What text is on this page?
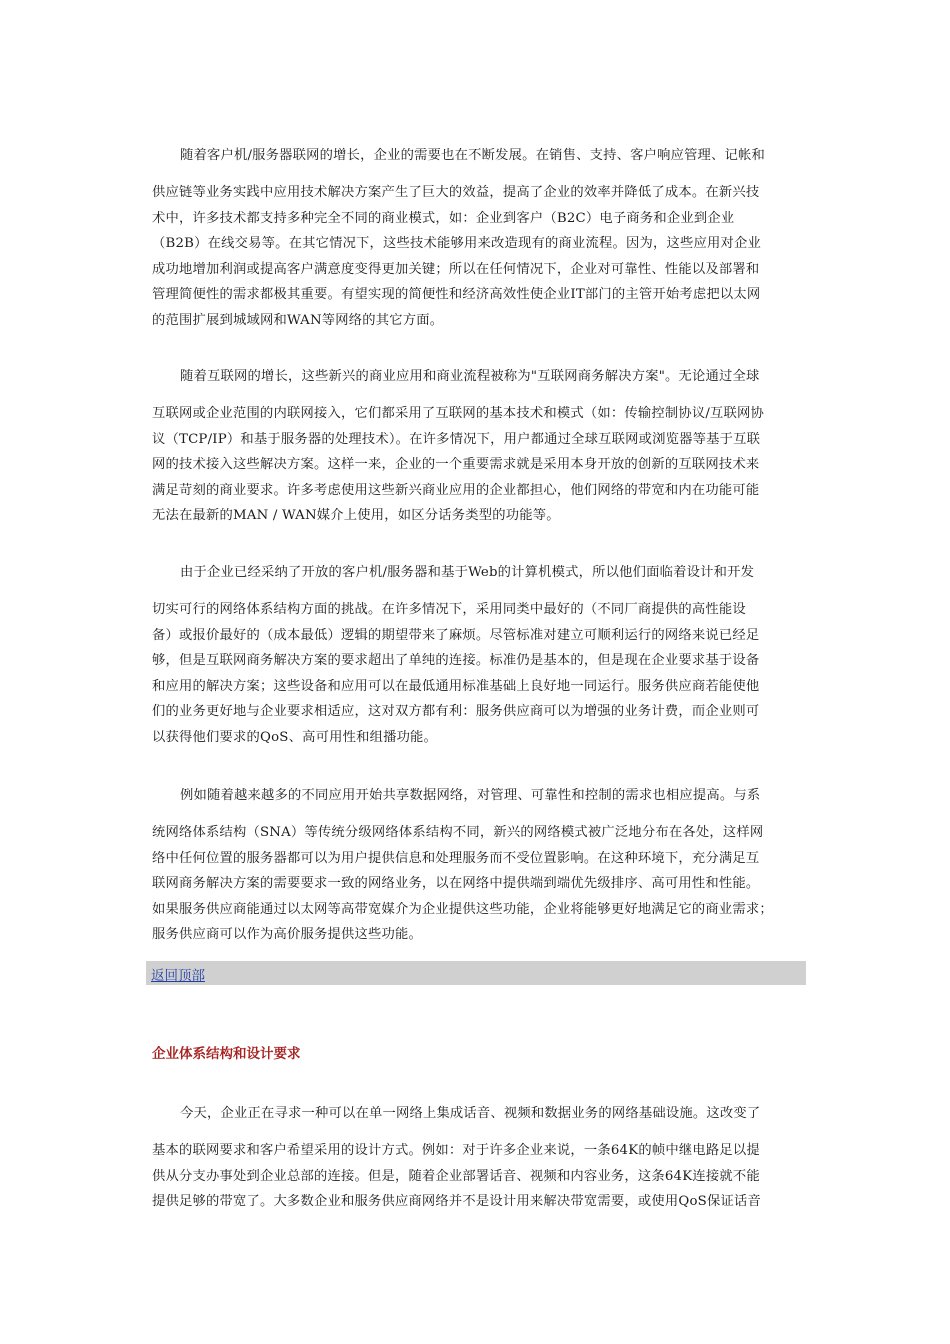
随着客户机/服务器联网的增长，企业的需要也在不断发展。在销售、支持、客户响应管理、记帐和
供应链等业务实践中应用技术解决方案产生了巨大的效益，提高了企业的效率并降低了成本。在新兴技
术中，许多技术都支持多种完全不同的商业模式，如：企业到客户（B2C）电子商务和企业到企业
（B2B）在线交易等。在其它情况下，这些技术能够用来改造现有的商业流程。因为，这些应用对企业
成功地增加利润或提高客户满意度变得更加关键；所以在任何情况下，企业对可靠性、性能以及部署和
管理简便性的需求都极其重要。有望实现的简便性和经济高效性使企业IT部门的主管开始考虑把以太网
的范围扩展到城域网和WAN等网络的其它方面。
随着互联网的增长，这些新兴的商业应用和商业流程被称为"互联网商务解决方案"。无论通过全球
互联网或企业范围的内联网接入，它们都采用了互联网的基本技术和模式（如：传输控制协议/互联网协
议（TCP/IP）和基于服务器的处理技术）。在许多情况下，用户都通过全球互联网或浏览器等基于互联
网的技术接入这些解决方案。这样一来，企业的一个重要需求就是采用本身开放的创新的互联网技术来
满足苛刻的商业要求。许多考虑使用这些新兴商业应用的企业都担心，他们网络的带宽和内在功能可能
无法在最新的MAN / WAN媒介上使用，如区分话务类型的功能等。
由于企业已经采纳了开放的客户机/服务器和基于Web的计算机模式，所以他们面临着设计和开发
切实可行的网络体系结构方面的挑战。在许多情况下，采用同类中最好的（不同厂商提供的高性能设
备）或报价最好的（成本最低）逻辑的期望带来了麻烦。尽管标准对建立可顺利运行的网络来说已经足
够，但是互联网商务解决方案的要求超出了单纯的连接。标准仍是基本的，但是现在企业要求基于设备
和应用的解决方案；这些设备和应用可以在最低通用标准基础上良好地一同运行。服务供应商若能使他
们的业务更好地与企业要求相适应，这对双方都有利：服务供应商可以为增强的业务计费，而企业则可
以获得他们要求的QoS、高可用性和组播功能。
例如随着越来越多的不同应用开始共享数据网络，对管理、可靠性和控制的需求也相应提高。与系
统网络体系结构（SNA）等传统分级网络体系结构不同，新兴的网络模式被广泛地分布在各处，这样网
络中任何位置的服务器都可以为用户提供信息和处理服务而不受位置影响。在这种环境下，充分满足互
联网商务解决方案的需要要求一致的网络业务，以在网络中提供端到端优先级排序、高可用性和性能。
如果服务供应商能通过以太网等高带宽媒介为企业提供这些功能，企业将能够更好地满足它的商业需求；
服务供应商可以作为高价服务提供这些功能。
返回顶部
企业体系结构和设计要求
今天，企业正在寻求一种可以在单一网络上集成话音、视频和数据业务的网络基础设施。这改变了
基本的联网要求和客户希望采用的设计方式。例如：对于许多企业来说，一条64K的帧中继电路足以提
供从分支办事处到企业总部的连接。但是，随着企业部署话音、视频和内容业务，这条64K连接就不能
提供足够的带宽了。大多数企业和服务供应商网络并不是设计用来解决带宽需要，或使用QoS保证话音
